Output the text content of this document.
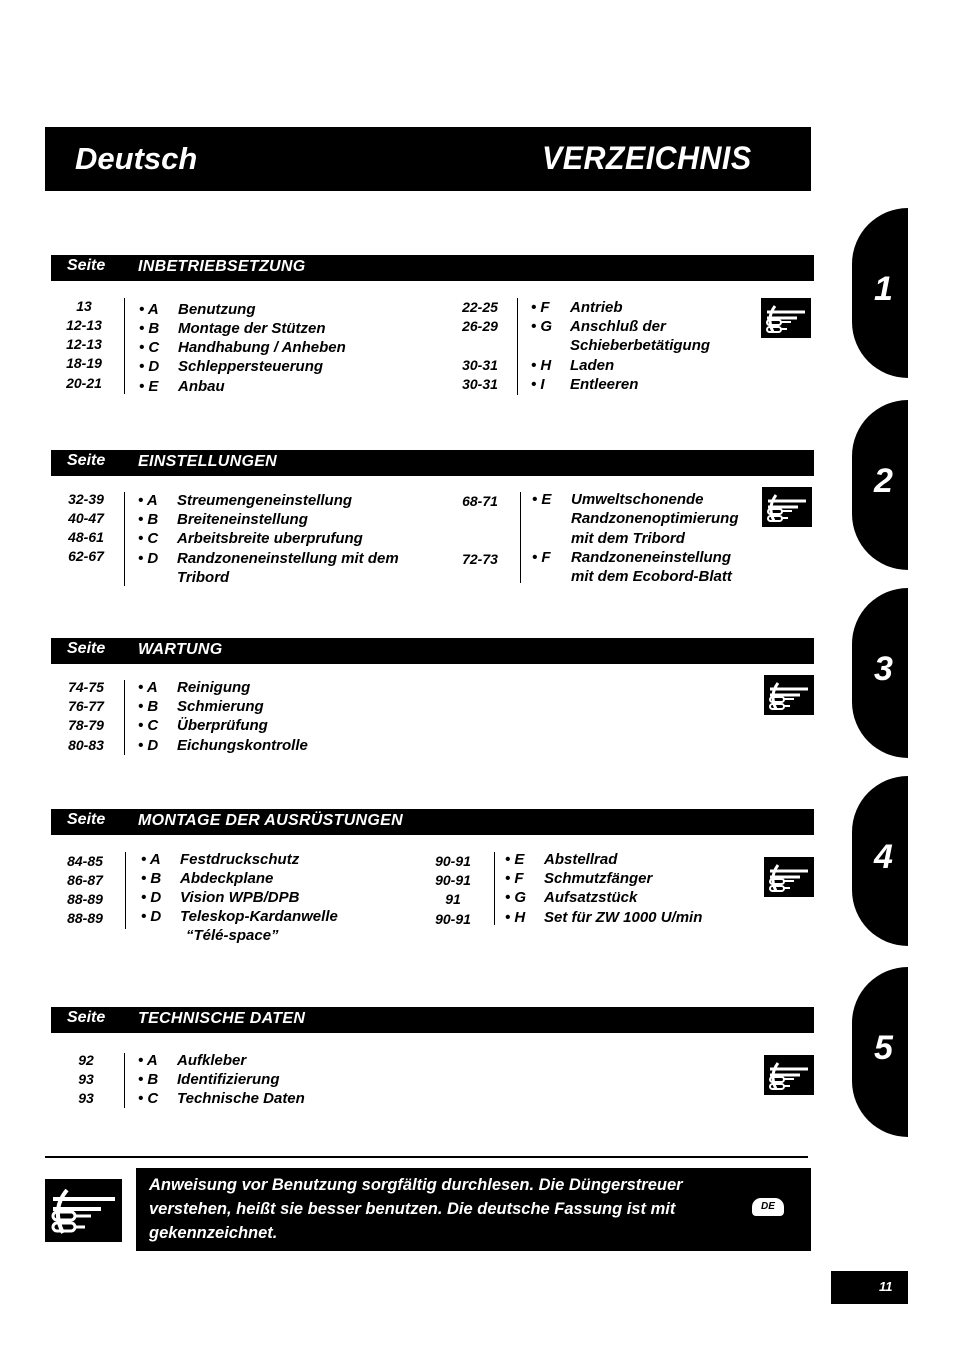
Deutsch	VERZEICHNIS
Seite INBETRIEBSETZUNG
13
12-13
12-13
18-19
20-21
• A Benutzung
• B Montage der Stützen
• C Handhabung / Anheben
• D Schleppersteuerung
• E Anbau
22-25
26-29
30-31
30-31
• F Antrieb
• G Anschluß der
Schieberbetätigung
• H Laden
• I Entleeren
Seite EINSTELLUNGEN
32-39
40-47
48-61
62-67
• A Streumengeneinstellung
• B Breiteneinstellung
• C Arbeitsbreite uberprufung
• D Randzoneneinstellung mit dem
Tribord
68-71
72-73
• E Umweltschonende
Randzonenoptimierung
mit dem Tribord
• F Randzoneneinstellung
mit dem Ecobord-Blatt
Seite WARTUNG
74-75
76-77
78-79
80-83
• A Reinigung
• B Schmierung
• C Überprüfung
• D Eichungskontrolle
Seite MONTAGE DER AUSRÜSTUNGEN
84-85
86-87
88-89
88-89
• A Festdruckschutz
• B Abdeckplane
• D Vision WPB/DPB
• D Teleskop-Kardanwelle
“Télé-space”
90-91
90-91
91
90-91
• E Abstellrad
• F Schmutzfänger
• G Aufsatzstück
• H Set für ZW 1000 U/min
Seite TECHNISCHE DATEN
92
93
93
• A Aufkleber
• B Identifizierung
• C Technische Daten
1
2
3
4
5
Anweisung vor Benutzung sorgfältig durchlesen. Die Düngerstreuer verstehen, heißt sie besser benutzen. Die deutsche Fassung ist mit gekennzeichnet.
DE
11
